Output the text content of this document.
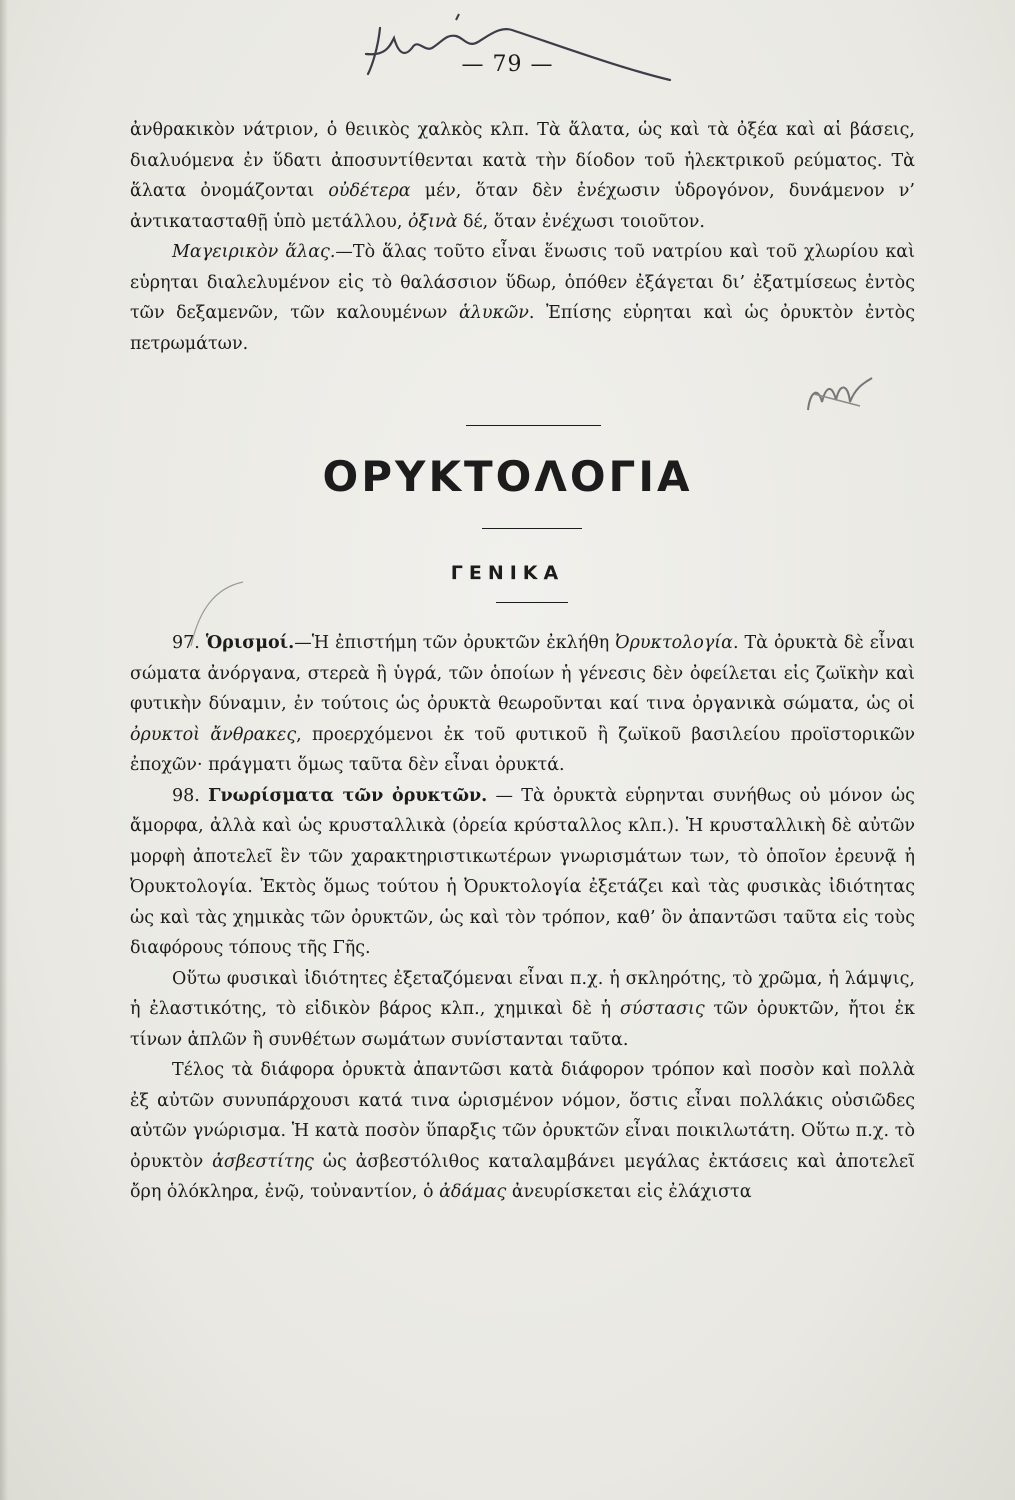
— 79 —

ἀνθρακικὸν νάτριον, ὁ θειικὸς χαλκὸς κλπ. Τὰ ἅλατα, ὡς καὶ τὰ ὀξέα καὶ αἱ βάσεις, διαλυόμενα ἐν ὕδατι ἀποσυντίθενται κατὰ τὴν δίοδον τοῦ ἠλεκτρικοῦ ρεύματος. Τὰ ἅλατα ὀνομάζονται οὐδέτερα μέν, ὅταν δὲν ἐνέχωσιν ὑδρογόνον, δυνάμενον ν’ ἀντικατασταθῇ ὑπὸ μετάλλου, ὀξινὰ δέ, ὅταν ἐνέχωσι τοιοῦτον.

Μαγειρικὸν ἅλας.—Τὸ ἅλας τοῦτο εἶναι ἕνωσις τοῦ νατρίου καὶ τοῦ χλωρίου καὶ εὑρηται διαλελυμένον εἰς τὸ θαλάσσιον ὕδωρ, ὁπόθεν ἐξάγεται δι’ ἐξατμίσεως ἐντὸς τῶν δεξαμενῶν, τῶν καλουμένων ἁλυκῶν. Ἐπίσης εὑρηται καὶ ὡς ὀρυκτὸν ἐντὸς πετρωμάτων.

ΟΡΥΚΤΟΛΟΓΙΑ
ΓΕΝΙΚΑ

97. Ὁρισμοί.—Ἡ ἐπιστήμη τῶν ὀρυκτῶν ἐκλήθη Ὀρυκτολογία. Τὰ ὀρυκτὰ δὲ εἶναι σώματα ἀνόργανα, στερεὰ ἢ ὑγρά, τῶν ὁποίων ἡ γένεσις δὲν ὀφείλεται εἰς ζωϊκὴν καὶ φυτικὴν δύναμιν, ἐν τούτοις ὡς ὀρυκτὰ θεωροῦνται καί τινα ὀργανικὰ σώματα, ὡς οἱ ὀρυκτοὶ ἄνθρακες, προερχόμενοι ἐκ τοῦ φυτικοῦ ἢ ζωϊκοῦ βασιλείου προϊστορικῶν ἐποχῶν· πράγματι ὅμως ταῦτα δὲν εἶναι ὀρυκτά.

98. Γνωρίσματα τῶν ὀρυκτῶν. — Τὰ ὀρυκτὰ εὑρηνται συνήθως οὐ μόνον ὡς ἄμορφα, ἀλλὰ καὶ ὡς κρυσταλλικὰ (ὀρεία κρύσταλλος κλπ.). Ἡ κρυσταλλικὴ δὲ αὐτῶν μορφὴ ἀποτελεῖ ἓν τῶν χαρακτηριστικωτέρων γνωρισμάτων των, τὸ ὁποῖον ἐρευνᾷ ἡ Ὀρυκτολογία. Ἐκτὸς ὅμως τούτου ἡ Ὀρυκτολογία ἐξετάζει καὶ τὰς φυσικὰς ἰδιότητας ὡς καὶ τὰς χημικὰς τῶν ὀρυκτῶν, ὡς καὶ τὸν τρόπον, καθ’ ὃν ἀπαντῶσι ταῦτα εἰς τοὺς διαφόρους τόπους τῆς Γῆς.

Οὕτω φυσικαὶ ἰδιότητες ἐξεταζόμεναι εἶναι π.χ. ἡ σκληρότης, τὸ χρῶμα, ἡ λάμψις, ἡ ἐλαστικότης, τὸ εἰδικὸν βάρος κλπ., χημικαὶ δὲ ἡ σύστασις τῶν ὀρυκτῶν, ἤτοι ἐκ τίνων ἁπλῶν ἢ συνθέτων σωμάτων συνίστανται ταῦτα.

Τέλος τὰ διάφορα ὀρυκτὰ ἀπαντῶσι κατὰ διάφορον τρόπον καὶ ποσὸν καὶ πολλὰ ἐξ αὐτῶν συνυπάρχουσι κατά τινα ὡρισμένον νόμον, ὅστις εἶναι πολλάκις οὐσιῶδες αὐτῶν γνώρισμα. Ἡ κατὰ ποσὸν ὕπαρξις τῶν ὀρυκτῶν εἶναι ποικιλωτάτη. Οὕτω π.χ. τὸ ὀρυκτὸν ἀσβεστίτης ὡς ἀσβεστόλιθος καταλαμβάνει μεγάλας ἐκτάσεις καὶ ἀποτελεῖ ὄρη ὁλόκληρα, ἐνῷ, τοὐναντίον, ὁ ἀδάμας ἀνευρίσκεται εἰς ἐλάχιστα
